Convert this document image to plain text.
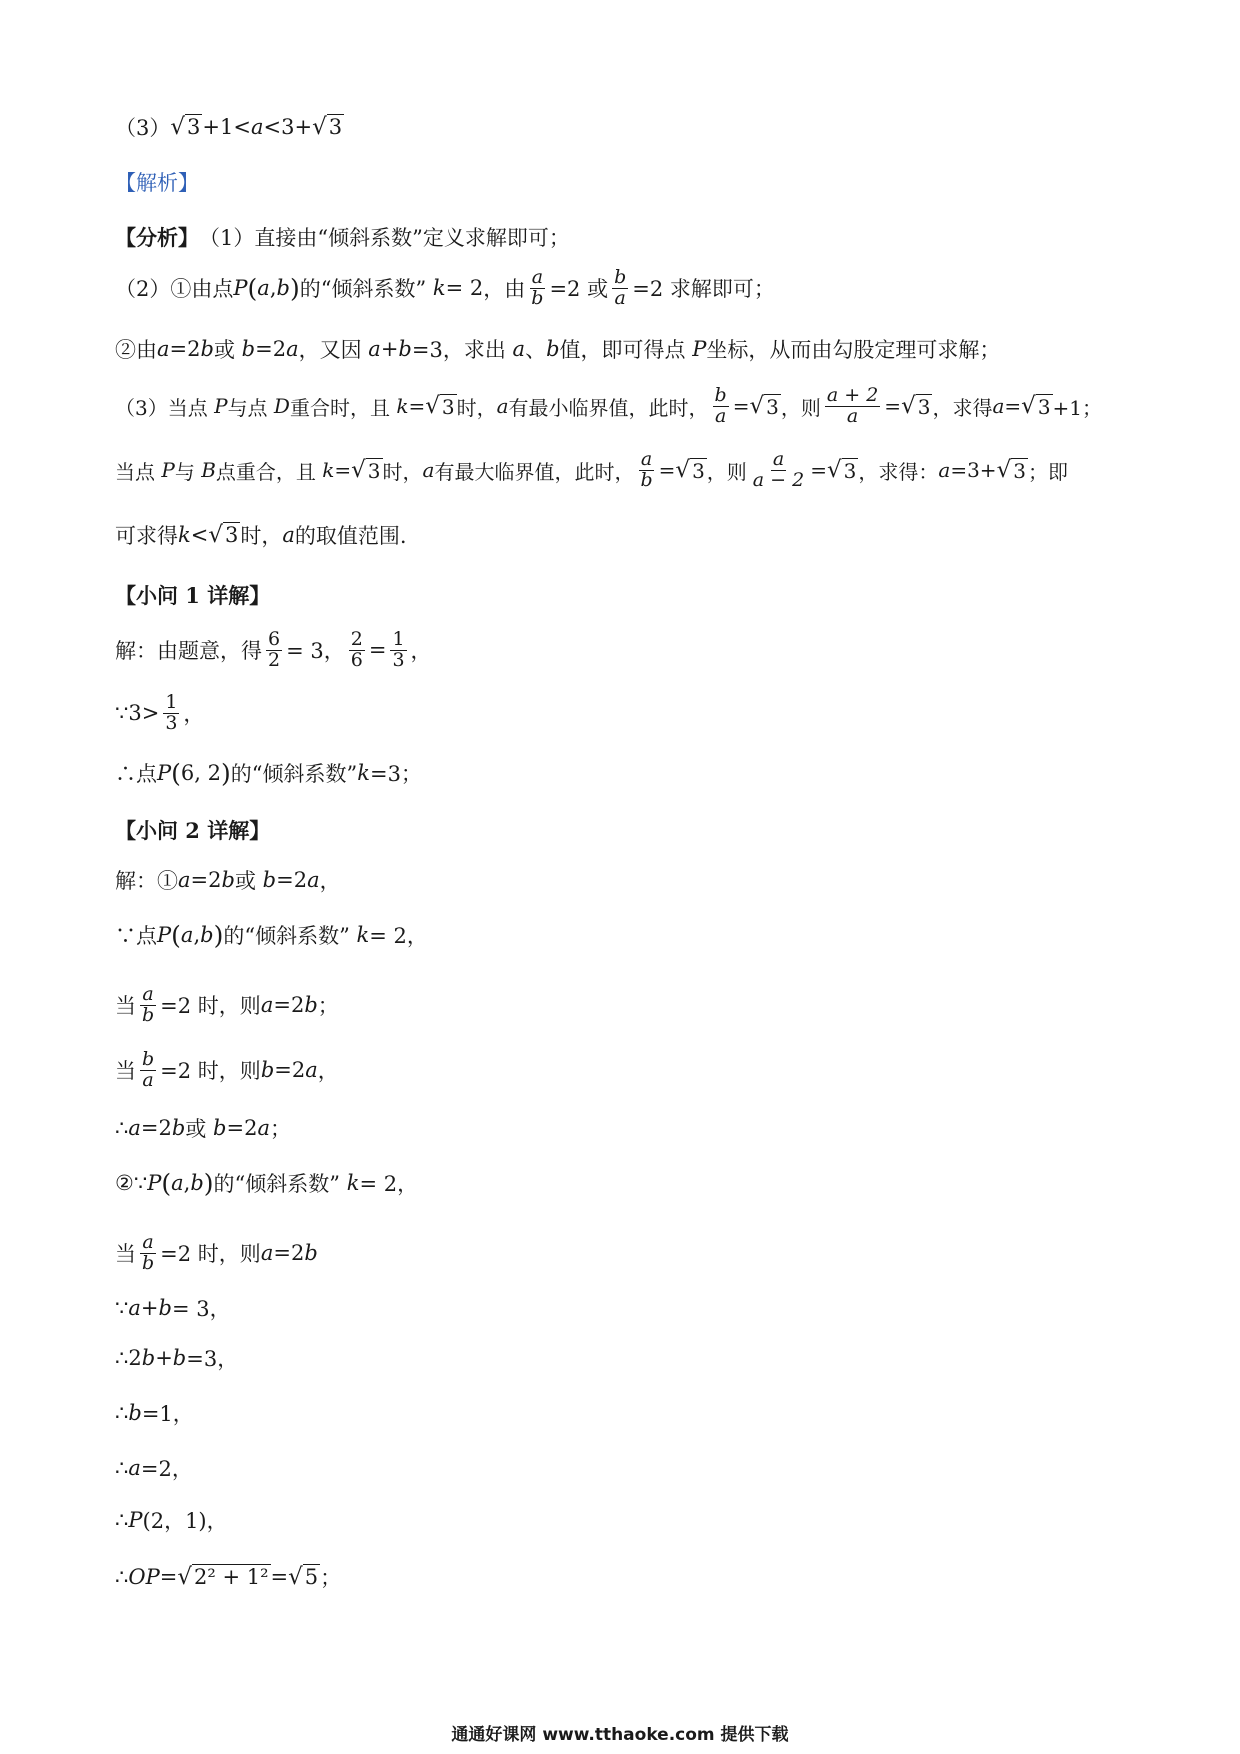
（3） √ 3 +1< a <3+ √ 3
【解析】
【分析】 （1）直接由“倾斜系数”定义求解即可；
（2）①由点 P ( a , b ) 的“倾斜系数”
k = 2 ，由 $\frac{a}{b} =2$ 或 $\frac{b}{a} =2$ 求解即可；
②由 a =2 b 或
b =2 a ，又因
a + b =3，求出
a 、 b 值，即可得点
P 坐标，从而由勾股定理可求解；
（3）当点
P 与点
D 重合时，且
k = √ 3 时， a 有最小临界值，此时， $\frac{b}{a}$ = √ 3 ，则 $\frac{a + 2}{a}$ = √ 3 ，求得 a = √ 3 +1；
当点
P 与
B 点重合，且
k = √ 3 时， a 有最大临界值，此时， $\frac{a}{b}$ = √ 3 ，则 $\frac{a}{a - 2}$ = √ 3 ，求得： a =3+ √ 3 ；即
可求得 k < √ 3 时， a 的取值范围.
【小问 1 详解】
解：由题意，得 $\frac{6}{2} = 3$， $\frac{2}{6} = \frac{1}{3}$ ，
∵3> $\frac{1}{3}$ ，
∴点 P ( 6, 2 ) 的“倾斜系数” k =3；
【小问 2 详解】
解：① a =2 b 或
b =2 a ，
∵点 P ( a , b ) 的“倾斜系数”
k = 2，
当 $\frac{a}{b} =2$ 时，则 a =2 b ；
当 $\frac{b}{a} =2$ 时，则 b =2 a ，
∴ a =2 b 或
b =2 a ；
②∵ P ( a , b ) 的“倾斜系数”
k = 2，
当 $\frac{a}{b} =2$ 时，则 a =2 b
∵ a + b = 3，
∴2 b + b =3，
∴ b =1，
∴ a =2，
∴ P (2，1)，
∴ OP = √ 2² + 1² = √ 5 ；
通通好课网 www.tthaoke.com 提供下载
